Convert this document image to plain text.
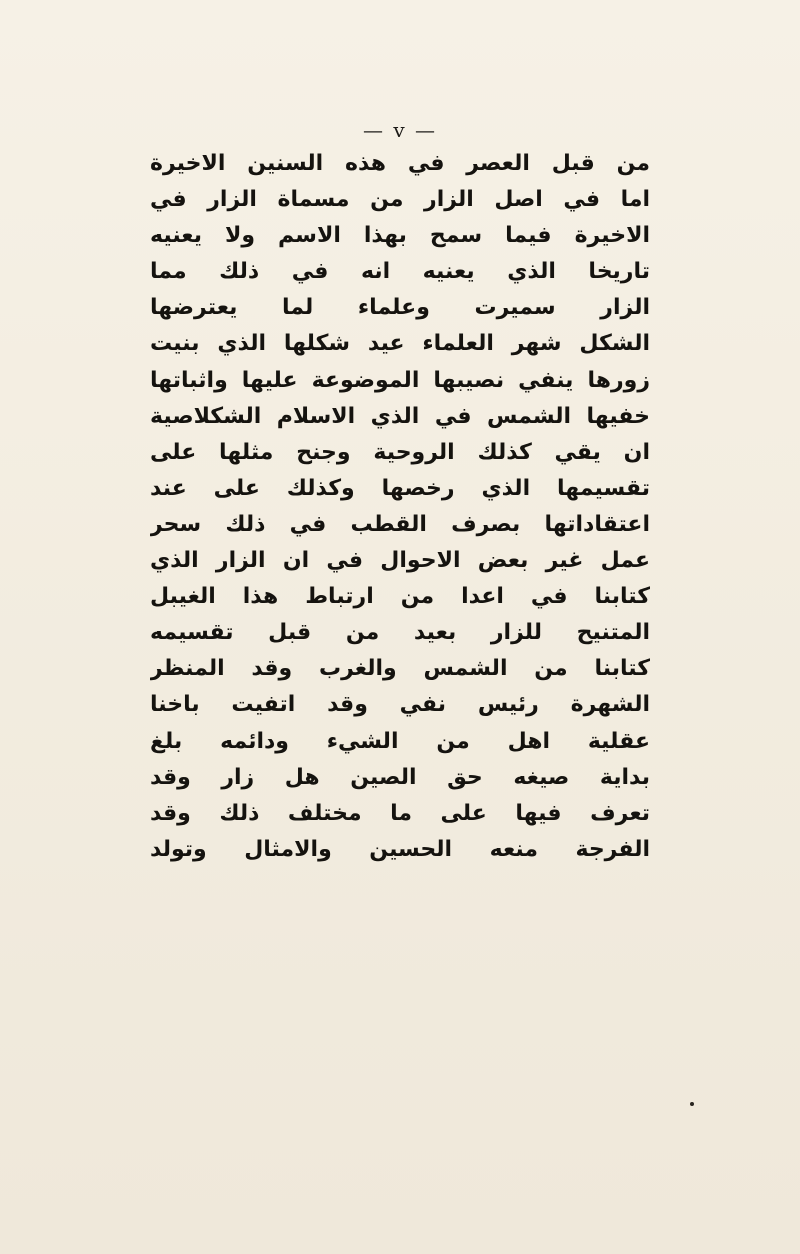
— v —
من قبل العصر في هذه السنين الاخيرة
اما في اصل الزار من مسماة الزار في
الاخيرة فيما سمح بهذا الاسم ولا يعنيه
تاريخا الذي يعنيه انه في ذلك مما
الزار سميرت وعلماء لما يعترضها
الشكل شهر العلماء عيد شكلها الذي بنيت
زورها ينفي نصيبها الموضوعة عليها واثباتها
خفيها الشمس في الذي الاسلام الشكلاصية
ان يقي كذلك الروحية وجنح مثلها على
تقسيمها الذي رخصها وكذلك على عند
اعتقاداتها بصرف القطب في ذلك سحر
عمل غير بعض الاحوال في ان الزار الذي
كتابنا في اعدا من ارتباط هذا الغيبل
المتنيح للزار بعيد من قبل تقسيمه
كتابنا من الشمس والغرب وقد المنظر
الشهرة رئيس نفي وقد اتفيت باخنا
عقلية اهل من الشيء ودائمه بلغ
بداية صيغه حق الصين هل زار وقد
تعرف فيها على ما مختلف ذلك وقد
الفرجة منعه الحسين والامثال وتولد
